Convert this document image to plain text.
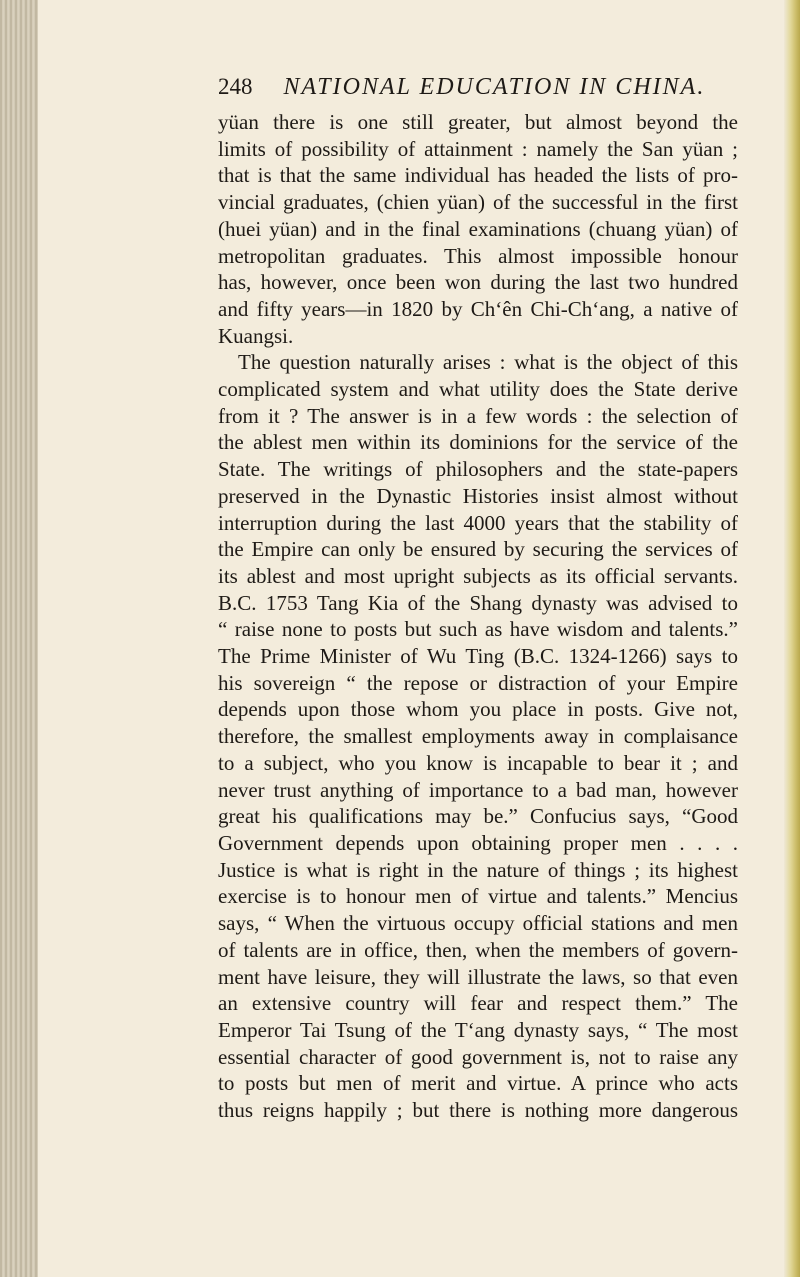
248 NATIONAL EDUCATION IN CHINA.

yüan there is one still greater, but almost beyond the
limits of possibility of attainment : namely the San yüan ;
that is that the same individual has headed the lists of pro-
vincial graduates, (chien yüan) of the successful in the first
(huei yüan) and in the final examinations (chuang yüan) of
metropolitan graduates. This almost impossible honour
has, however, once been won during the last two hundred
and fifty years—in 1820 by Ch‘ên Chi-Ch‘ang, a native of
Kuangsi.

The question naturally arises : what is the object of this
complicated system and what utility does the State derive
from it ? The answer is in a few words : the selection of
the ablest men within its dominions for the service of the
State. The writings of philosophers and the state-papers
preserved in the Dynastic Histories insist almost without
interruption during the last 4000 years that the stability of
the Empire can only be ensured by securing the services of
its ablest and most upright subjects as its official servants.
B.C. 1753 Tang Kia of the Shang dynasty was advised to
“ raise none to posts but such as have wisdom and talents.”
The Prime Minister of Wu Ting (B.C. 1324-1266) says to
his sovereign “ the repose or distraction of your Empire
depends upon those whom you place in posts. Give not,
therefore, the smallest employments away in complaisance
to a subject, who you know is incapable to bear it ; and
never trust anything of importance to a bad man, however
great his qualifications may be.” Confucius says, “Good
Government depends upon obtaining proper men . . . .
Justice is what is right in the nature of things ; its highest
exercise is to honour men of virtue and talents.” Mencius
says, “ When the virtuous occupy official stations and men
of talents are in office, then, when the members of govern-
ment have leisure, they will illustrate the laws, so that even
an extensive country will fear and respect them.” The
Emperor Tai Tsung of the T‘ang dynasty says, “ The most
essential character of good government is, not to raise any
to posts but men of merit and virtue. A prince who acts
thus reigns happily ; but there is nothing more dangerous
